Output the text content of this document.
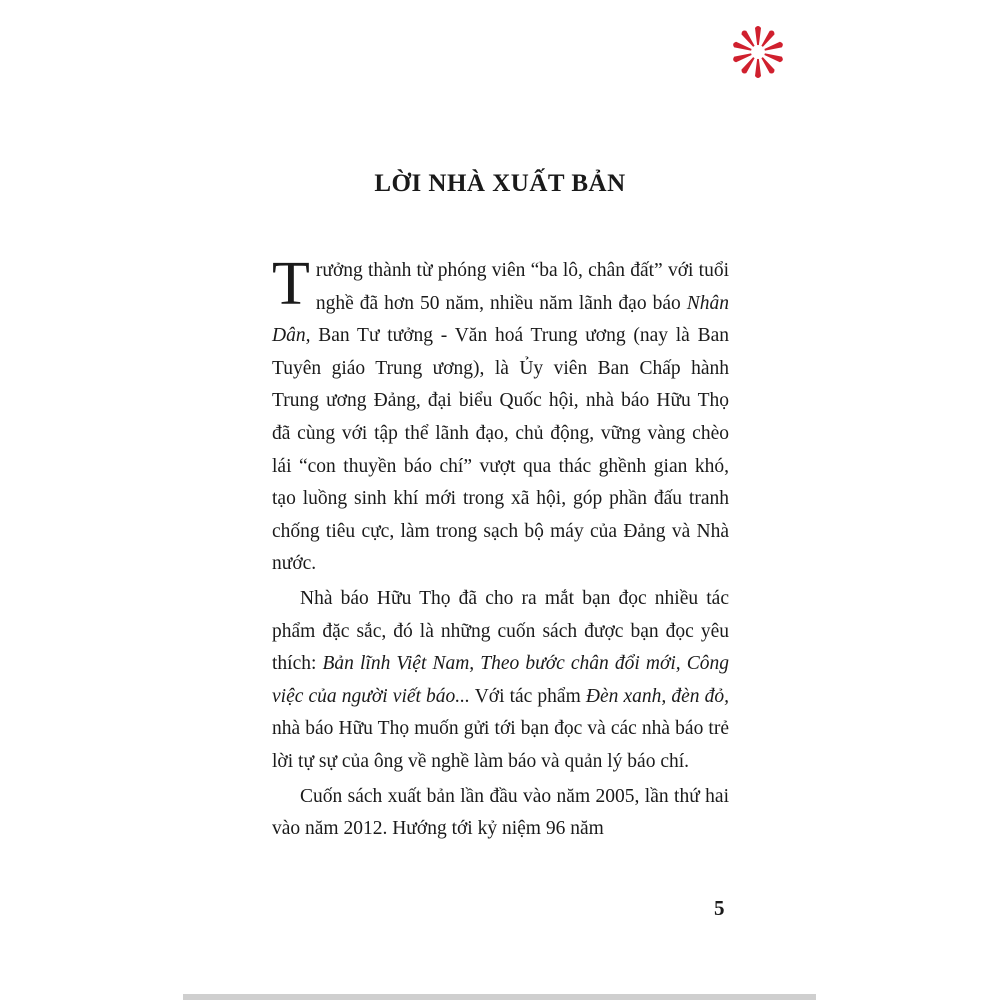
LỜI NHÀ XUẤT BẢN

Trưởng thành từ phóng viên “ba lô, chân đất” với tuổi nghề đã hơn 50 năm, nhiều năm lãnh đạo báo Nhân Dân, Ban Tư tưởng - Văn hoá Trung ương (nay là Ban Tuyên giáo Trung ương), là Ủy viên Ban Chấp hành Trung ương Đảng, đại biểu Quốc hội, nhà báo Hữu Thọ đã cùng với tập thể lãnh đạo, chủ động, vững vàng chèo lái “con thuyền báo chí” vượt qua thác ghềnh gian khó, tạo luồng sinh khí mới trong xã hội, góp phần đấu tranh chống tiêu cực, làm trong sạch bộ máy của Đảng và Nhà nước.

Nhà báo Hữu Thọ đã cho ra mắt bạn đọc nhiều tác phẩm đặc sắc, đó là những cuốn sách được bạn đọc yêu thích: Bản lĩnh Việt Nam, Theo bước chân đổi mới, Công việc của người viết báo... Với tác phẩm Đèn xanh, đèn đỏ, nhà báo Hữu Thọ muốn gửi tới bạn đọc và các nhà báo trẻ lời tự sự của ông về nghề làm báo và quản lý báo chí.

Cuốn sách xuất bản lần đầu vào năm 2005, lần thứ hai vào năm 2012. Hướng tới kỷ niệm 96 năm

5
